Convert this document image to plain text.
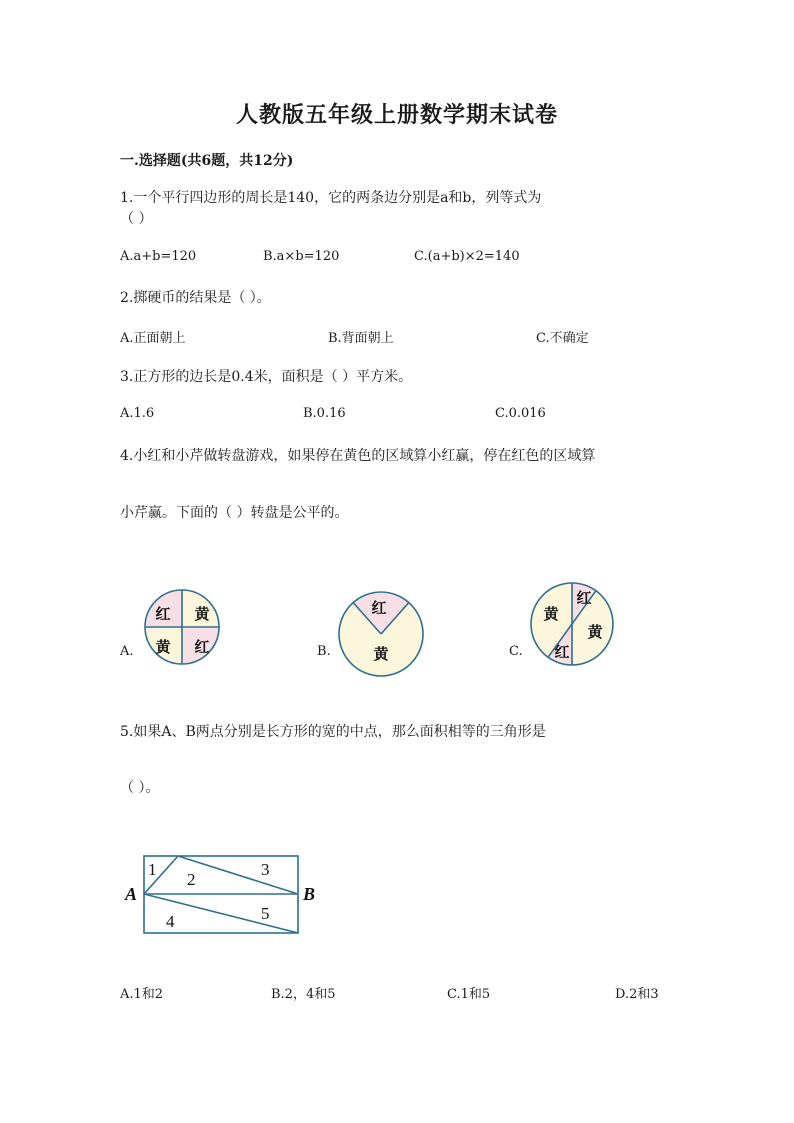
人教版五年级上册数学期末试卷
一.选择题(共6题，共12分)
1.一个平行四边形的周长是140，它的两条边分别是a和b，列等式为
（ ）
A.a+b=120	B.a×b=120	C.(a+b)×2=140
2.掷硬币的结果是（ ）。
A.正面朝上	B.背面朝上	C.不确定
3.正方形的边长是0.4米，面积是（ ）平方米。
A.1.6	B.0.16	C.0.016
4.小红和小芹做转盘游戏，如果停在黄色的区域算小红赢，停在红色的区域算
小芹赢。下面的（ ）转盘是公平的。
A.	B.	C.
红 黄
黄 红
红
黄
黄
红
黄
红
5.如果A、B两点分别是长方形的宽的中点，那么面积相等的三角形是
（ ）。
A	B
1
2
3
4	5
A.1和2	B.2，4和5	C.1和5	D.2和3
